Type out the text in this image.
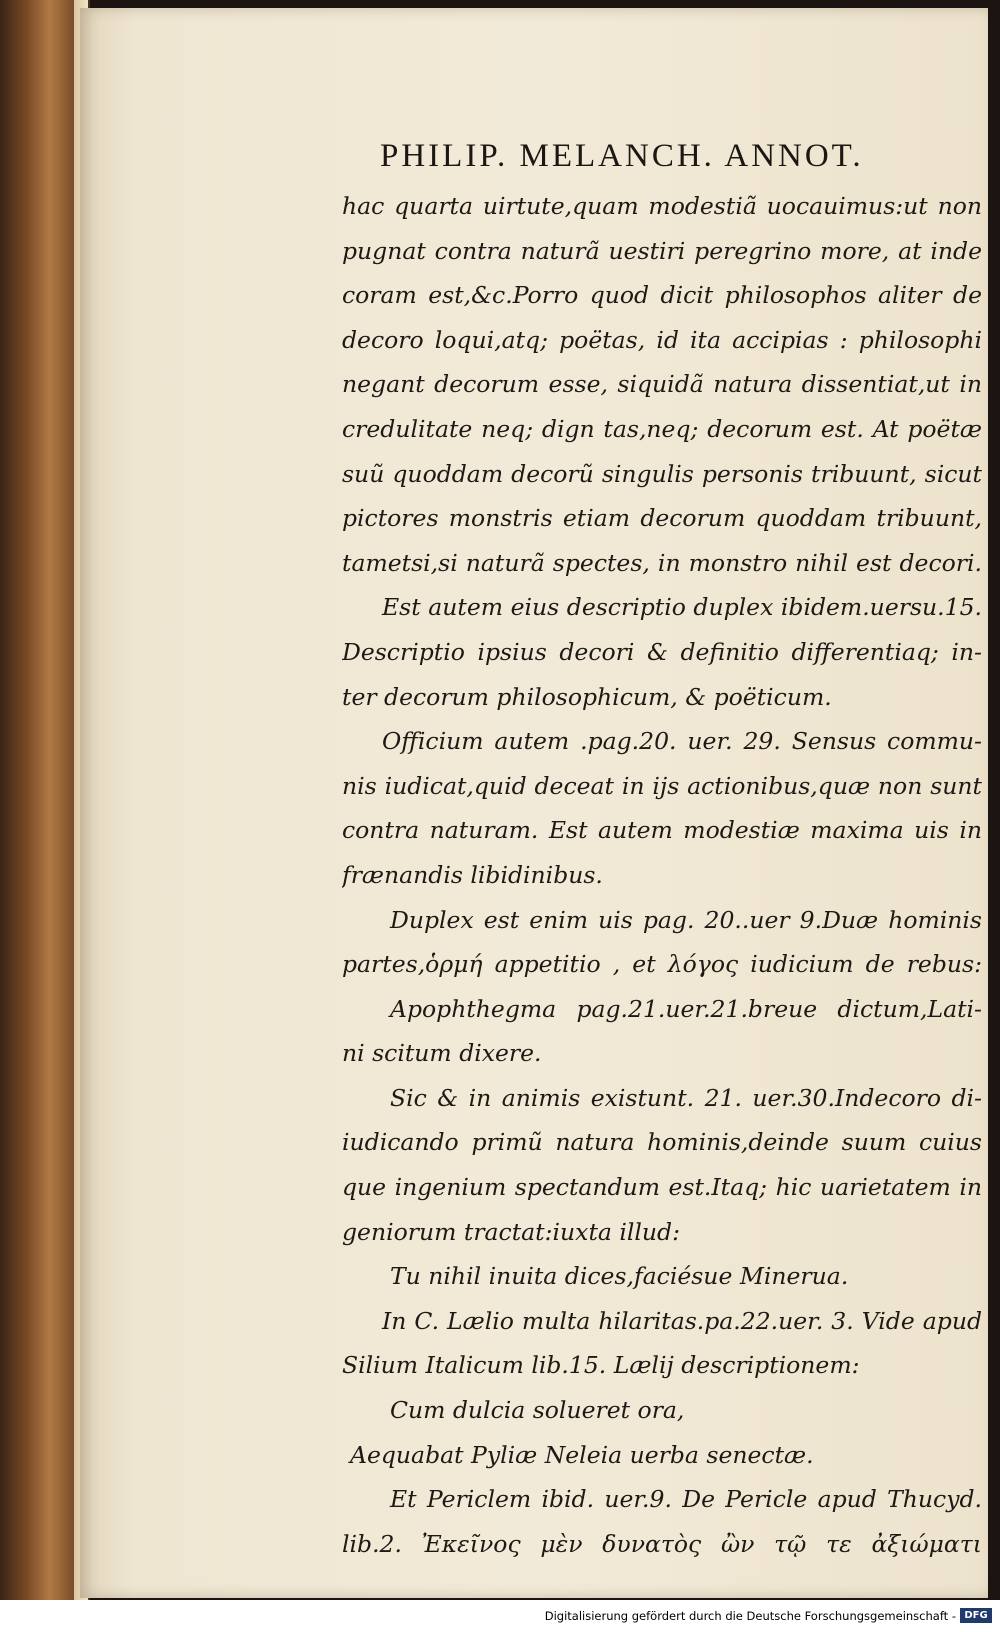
PHILIP. MELANCH. ANNOT.
hac quarta uirtute,quam modestiã uocauimus:ut non
pugnat contra naturã uestiri peregrino more, at inde
coram est,&c.Porro quod dicit philosophos aliter de
decoro loqui,atq; poëtas, id ita accipias : philosophi
negant decorum esse, siquidã natura dissentiat,ut in
credulitate neq; dign tas,neq; decorum est. At poëtæ
suũ quoddam decorũ singulis personis tribuunt, sicut
pictores monstris etiam decorum quoddam tribuunt,
tametsi,si naturã spectes, in monstro nihil est decori.
Est autem eius descriptio duplex ibidem.uersu.15.
Descriptio ipsius decori & definitio differentiaq; in-
ter decorum philosophicum, & poëticum.
Officium autem .pag.20. uer. 29. Sensus commu-
nis iudicat,quid deceat in ijs actionibus,quæ non sunt
contra naturam. Est autem modestiæ maxima uis in
frænandis libidinibus.
Duplex est enim uis pag. 20..uer 9.Duæ hominis
partes,ὁρμή appetitio , et λόγος iudicium de rebus:
Apophthegma pag.21.uer.21.breue dictum,Lati-
ni scitum dixere.
Sic & in animis existunt. 21. uer.30.Indecoro di-
iudicando primũ natura hominis,deinde suum cuius
que ingenium spectandum est.Itaq; hic uarietatem in
geniorum tractat:iuxta illud:
Tu nihil inuita dices,faciésue Minerua.
In C. Lælio multa hilaritas.pa.22.uer. 3. Vide apud
Silium Italicum lib.15. Lælij descriptionem:
Cum dulcia solueret ora,
Aequabat Pyliæ Neleia uerba senectæ.
Et Periclem ibid. uer.9. De Pericle apud Thucyd.
lib.2. Ἐκεῖνος μὲν δυνατὸς ὢν τῷ τε ἀξιώματι
Digitalisierung gefördert durch die Deutsche Forschungsgemeinschaft - DFG
